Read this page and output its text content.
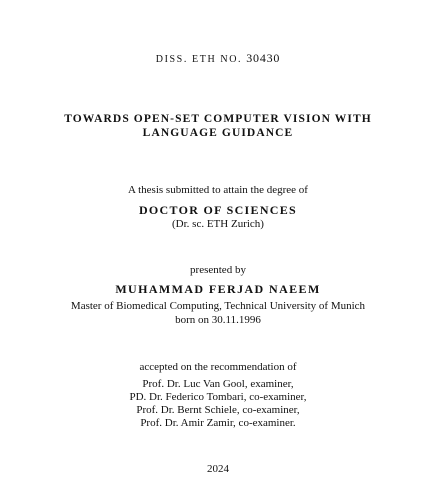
DISS. ETH NO. 30430
TOWARDS OPEN-SET COMPUTER VISION WITH
LANGUAGE GUIDANCE
A thesis submitted to attain the degree of
DOCTOR OF SCIENCES
(Dr. sc. ETH Zurich)
presented by
MUHAMMAD FERJAD NAEEM
Master of Biomedical Computing, Technical University of Munich
born on 30.11.1996
accepted on the recommendation of
Prof. Dr. Luc Van Gool, examiner,
PD. Dr. Federico Tombari, co-examiner,
Prof. Dr. Bernt Schiele, co-examiner,
Prof. Dr. Amir Zamir, co-examiner.
2024
